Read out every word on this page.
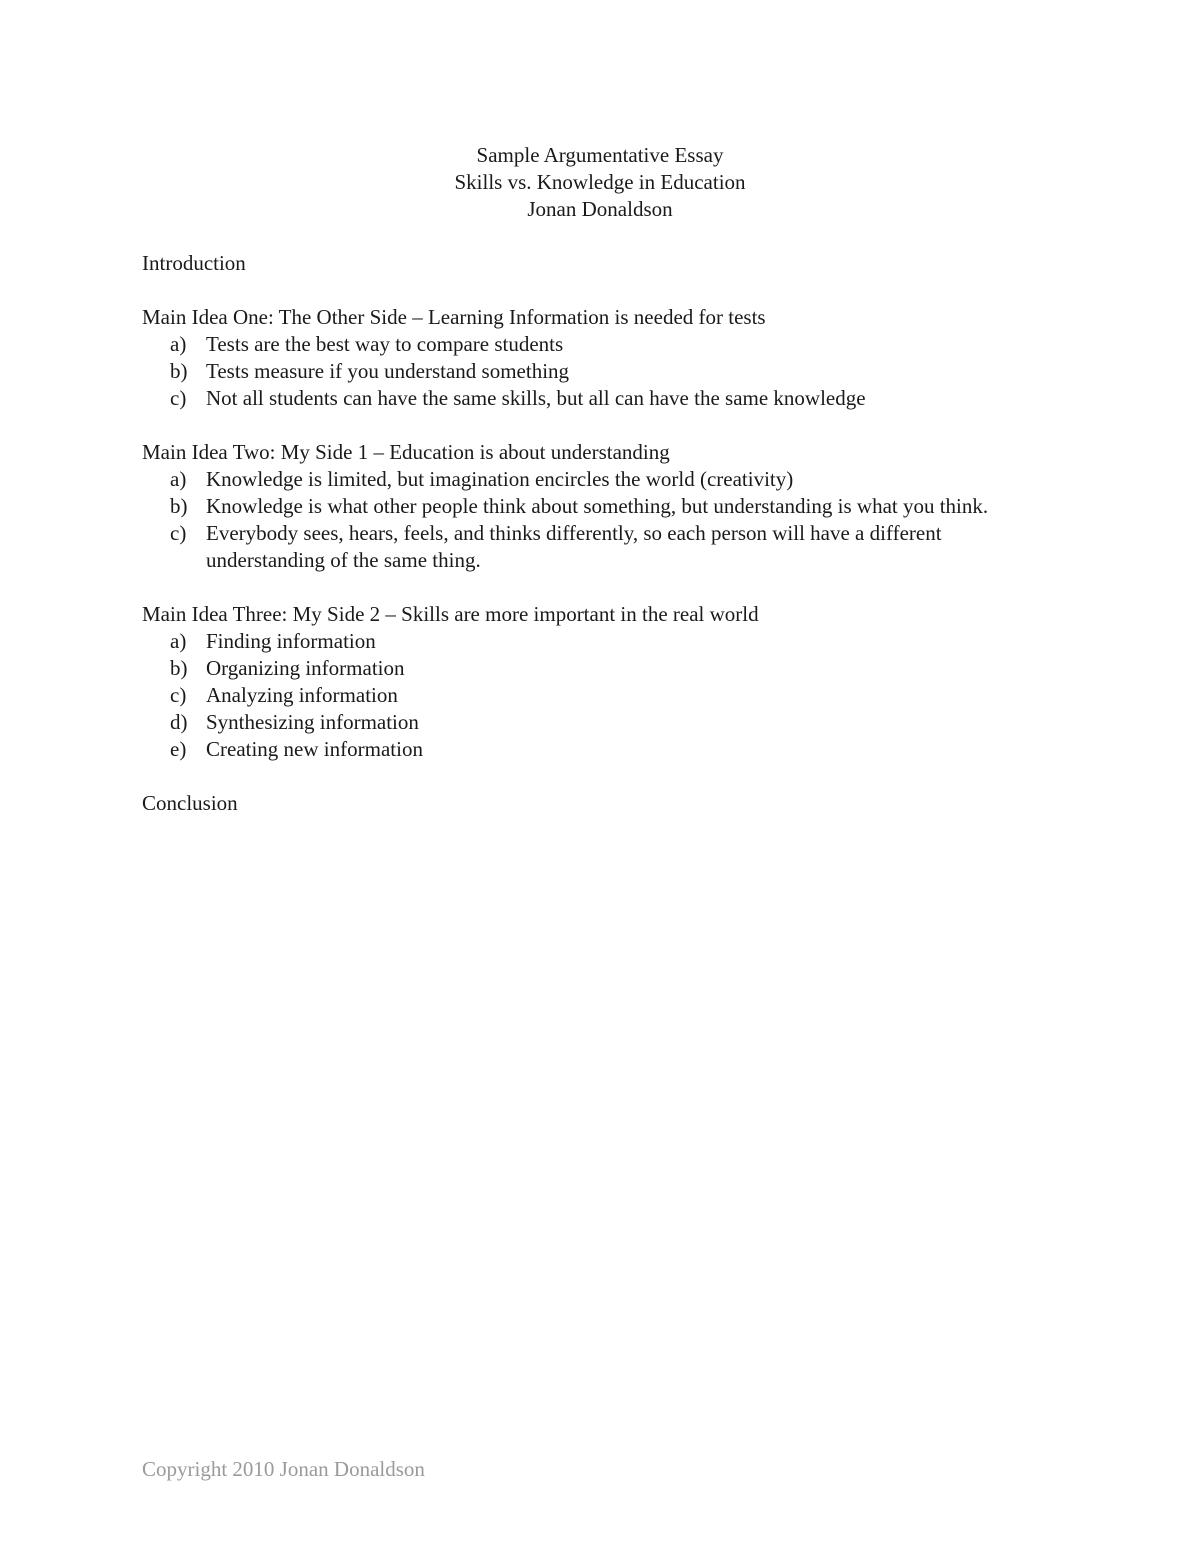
Sample Argumentative Essay
Skills vs. Knowledge in Education
Jonan Donaldson
Introduction
Main Idea One: The Other Side – Learning Information is needed for tests
a) Tests are the best way to compare students
b) Tests measure if you understand something
c) Not all students can have the same skills, but all can have the same knowledge
Main Idea Two: My Side 1 – Education is about understanding
a) Knowledge is limited, but imagination encircles the world (creativity)
b) Knowledge is what other people think about something, but understanding is what you think.
c) Everybody sees, hears, feels, and thinks differently, so each person will have a different understanding of the same thing.
Main Idea Three: My Side 2 – Skills are more important in the real world
a) Finding information
b) Organizing information
c) Analyzing information
d) Synthesizing information
e) Creating new information
Conclusion
Copyright 2010 Jonan Donaldson
